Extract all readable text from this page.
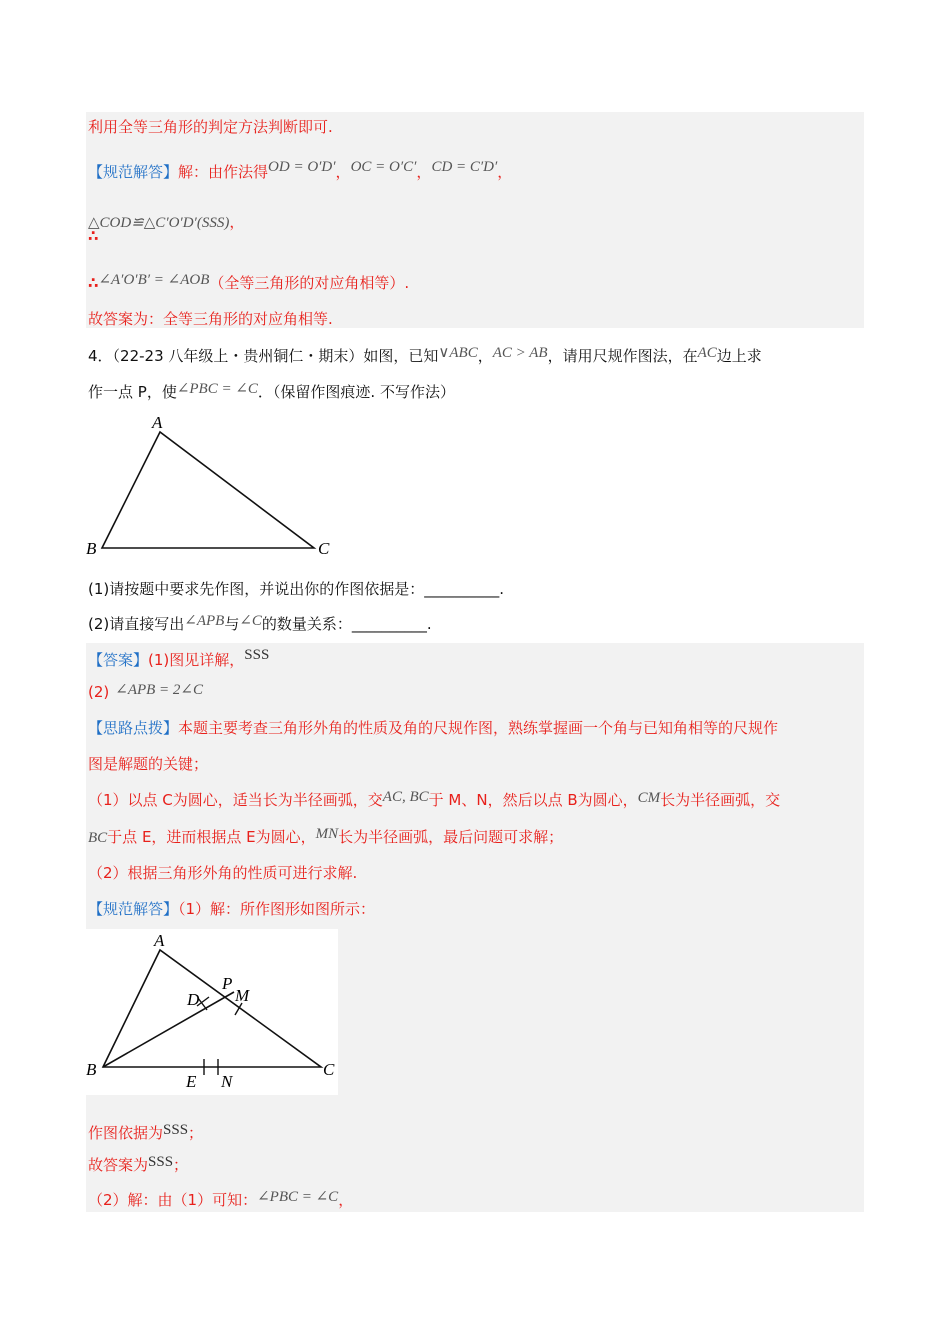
利用全等三角形的判定方法判断即可.
【规范解答】解：由作法得OD = O′D′，OC = O′C′，CD = C′D′，
△COD≌△C′O′D′(SSS)，
∴
∴∠A′O′B′ = ∠AOB（全等三角形的对应角相等）.
故答案为：全等三角形的对应角相等.
4．（22-23 八年级上・贵州铜仁・期末）如图，已知∨ABC，AC > AB，请用尺规作图法，在AC边上求
作一点 P，使∠PBC = ∠C．（保留作图痕迹. 不写作法）
A
B	C
(1)请按题中要求先作图，并说出你的作图依据是：__________.
(2)请直接写出∠APB与∠C的数量关系：__________.
【答案】(1)图见详解，SSS
(2) ∠APB = 2∠C
【思路点拨】本题主要考查三角形外角的性质及角的尺规作图，熟练掌握画一个角与已知角相等的尺规作
图是解题的关键；
（1）以点 C为圆心，适当长为半径画弧，交AC, BC于 M、N，然后以点 B为圆心，CM长为半径画弧，交
BC于点 E，进而根据点 E为圆心，MN长为半径画弧，最后问题可求解；
（2）根据三角形外角的性质可进行求解.
【规范解答】（1）解：所作图形如图所示：
A
B	C
D
P
M
E N
作图依据为SSS；
故答案为SSS；
（2）解：由（1）可知：∠PBC = ∠C，
